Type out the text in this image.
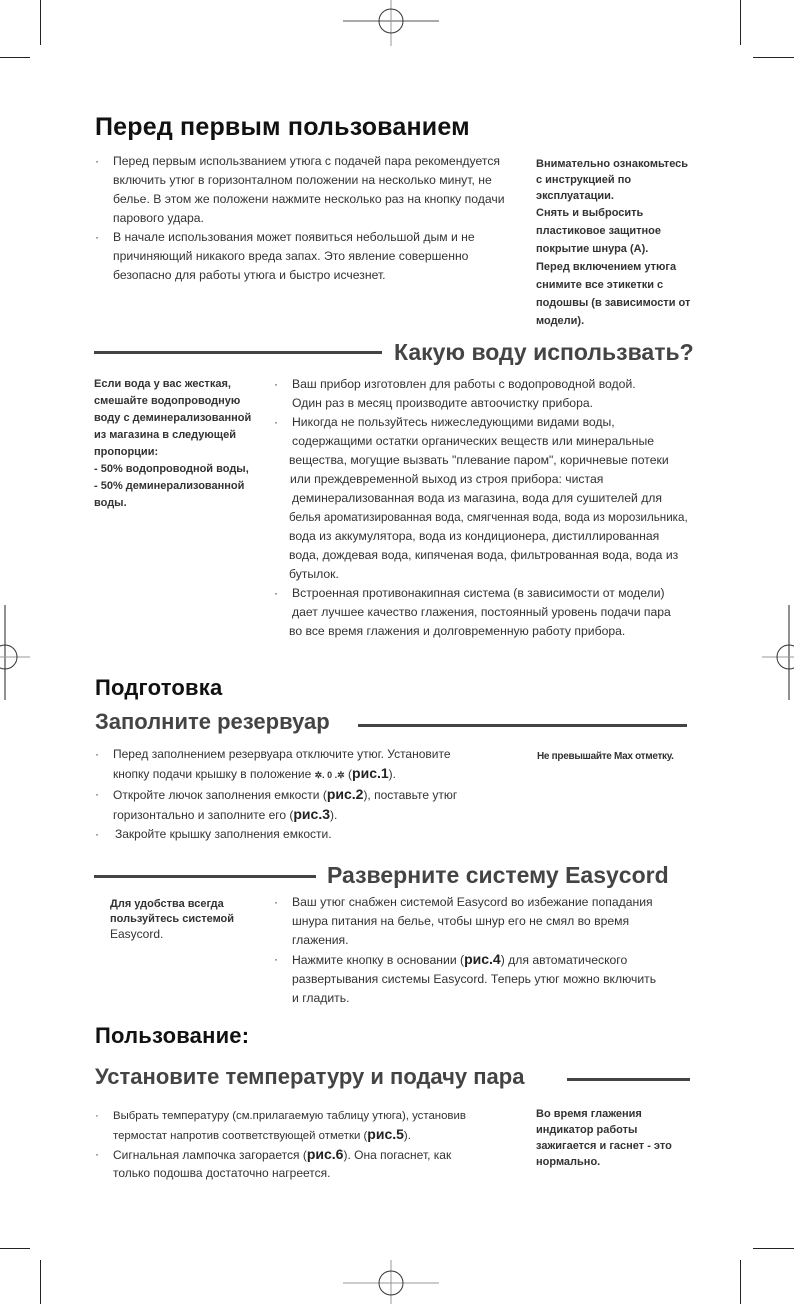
Перед первым пользованием
· Перед первым использванием утюга с подачей пара рекомендуется
включить утюг в горизонталном положении на несколько минут, не
белье. В этом же положени нажмите несколько раз на кнопку подачи
парового удара.
· В начале использования может появиться небольшой дым и не
причиняющий никакого вреда запах. Это явление совершенно
безопасно для работы утюга и быстро исчезнет.

Внимательно ознакомьтесь

с инструкцией по

эксплуатации.

Снять и выбросить

пластиковое защитное

покрытие шнура (А).

Перед включением утюга

снимите все этикетки с

подошвы (в зависимости от

модели).

Какую воду использвать?

Если вода у вас жесткая,

смешайте водопроводную

воду с деминерализованной

из магазина в следующей

пропорции:

- 50% водопроводной воды,

- 50% деминерализованной

воды.

· Ваш прибор изготовлен для работы с водопроводной водой.
Один раз в месяц производите автоочистку прибора.
· Никогда не пользуйтесь нижеследующими видами воды,
содержащими остатки органических веществ или минеральные
вещества, могущие вызвать "плевание паром", коричневые потеки
или преждевременной выход из строя прибора: чистая
деминерализованная вода из магазина, вода для сушителей для
белья ароматизированная вода, смягченная вода, вода из морозильника,
вода из аккумулятора, вода из кондиционера, дистиллированная
вода, дождевая вода, кипяченая вода, фильтрованная вода, вода из
бутылок.
· Встроенная противонакипная система (в зависимости от модели)
дает лучшее качество глажения, постоянный уровень подачи пара
во все время глажения и долговременную работу прибора.
Подготовка
Заполните резервуар
· Перед заполнением резервуара отключите утюг. Установите
кнопку подачи крышку в положение ✲. 0 .✲ (рис.1).
· Откройте лючок заполнения емкости (рис.2), поставьте утюг
горизонтально и заполните его (рис.3).
· Закройте крышку заполнения емкости.
Не превышайте Max отметку.
Разверните систему Easycord

Для удобства всегда

пользуйтесь системой

Easycord.

· Ваш утюг снабжен системой Easycord во избежание попадания
шнура питания на белье, чтобы шнур его не смял во время
глажения.
· Нажмите кнопку в основании (рис.4) для автоматического
развертывания системы Easycord. Теперь утюг можно включить
и гладить.
Пользование:
Установите температуру и подачу пара
· Выбрать температуру (см.прилагаемую таблицу утюга), установив
термостат напротив соответствующей отметки (рис.5).
· Сигнальная лампочка загорается (рис.6). Она погаснет, как
только подошва достаточно нагреется.

Во время глажения

индикатор работы

зажигается и гаснет - это

нормально.
